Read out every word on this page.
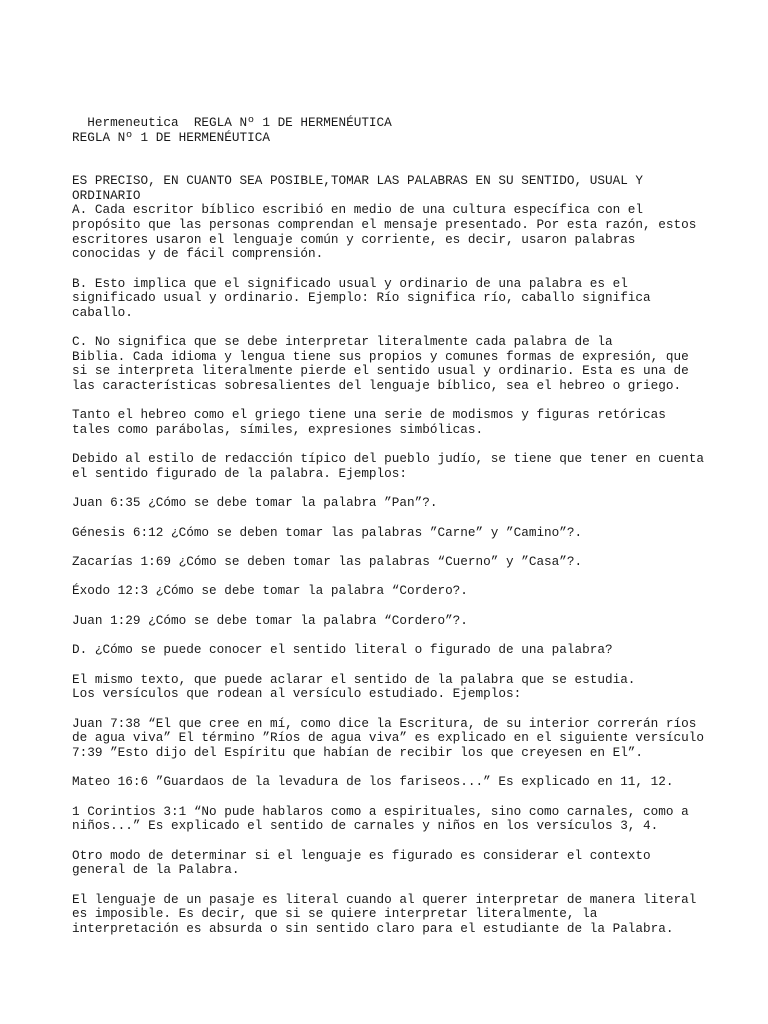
Hermeneutica  REGLA Nº 1 DE HERMENÉUTICA
REGLA Nº 1 DE HERMENÉUTICA
ES PRECISO, EN CUANTO SEA POSIBLE,TOMAR LAS PALABRAS EN SU SENTIDO, USUAL Y
ORDINARIO
A. Cada escritor bíblico escribió en medio de una cultura específica con el
propósito que las personas comprendan el mensaje presentado. Por esta razón, estos
escritores usaron el lenguaje común y corriente, es decir, usaron palabras
conocidas y de fácil comprensión.
B. Esto implica que el significado usual y ordinario de una palabra es el
significado usual y ordinario. Ejemplo: Río significa río, caballo significa
caballo.
C. No significa que se debe interpretar literalmente cada palabra de la
Biblia. Cada idioma y lengua tiene sus propios y comunes formas de expresión, que
si se interpreta literalmente pierde el sentido usual y ordinario. Esta es una de
las características sobresalientes del lenguaje bíblico, sea el hebreo o griego.
Tanto el hebreo como el griego tiene una serie de modismos y figuras retóricas
tales como parábolas, símiles, expresiones simbólicas.
Debido al estilo de redacción típico del pueblo judío, se tiene que tener en cuenta
el sentido figurado de la palabra. Ejemplos:
Juan 6:35 ¿Cómo se debe tomar la palabra ”Pan”?.
Génesis 6:12 ¿Cómo se deben tomar las palabras ”Carne” y ”Camino”?.
Zacarías 1:69 ¿Cómo se deben tomar las palabras “Cuerno” y ”Casa”?.
Éxodo 12:3 ¿Cómo se debe tomar la palabra “Cordero?.
Juan 1:29 ¿Cómo se debe tomar la palabra “Cordero”?.
D. ¿Cómo se puede conocer el sentido literal o figurado de una palabra?
El mismo texto, que puede aclarar el sentido de la palabra que se estudia.
Los versículos que rodean al versículo estudiado. Ejemplos:
Juan 7:38 “El que cree en mí, como dice la Escritura, de su interior correrán ríos
de agua viva” El término ”Ríos de agua viva” es explicado en el siguiente versículo
7:39 ”Esto dijo del Espíritu que habían de recibir los que creyesen en El”.
Mateo 16:6 ”Guardaos de la levadura de los fariseos...” Es explicado en 11, 12.
1 Corintios 3:1 “No pude hablaros como a espirituales, sino como carnales, como a
niños...” Es explicado el sentido de carnales y niños en los versículos 3, 4.
Otro modo de determinar si el lenguaje es figurado es considerar el contexto
general de la Palabra.
El lenguaje de un pasaje es literal cuando al querer interpretar de manera literal
es imposible. Es decir, que si se quiere interpretar literalmente, la
interpretación es absurda o sin sentido claro para el estudiante de la Palabra.
